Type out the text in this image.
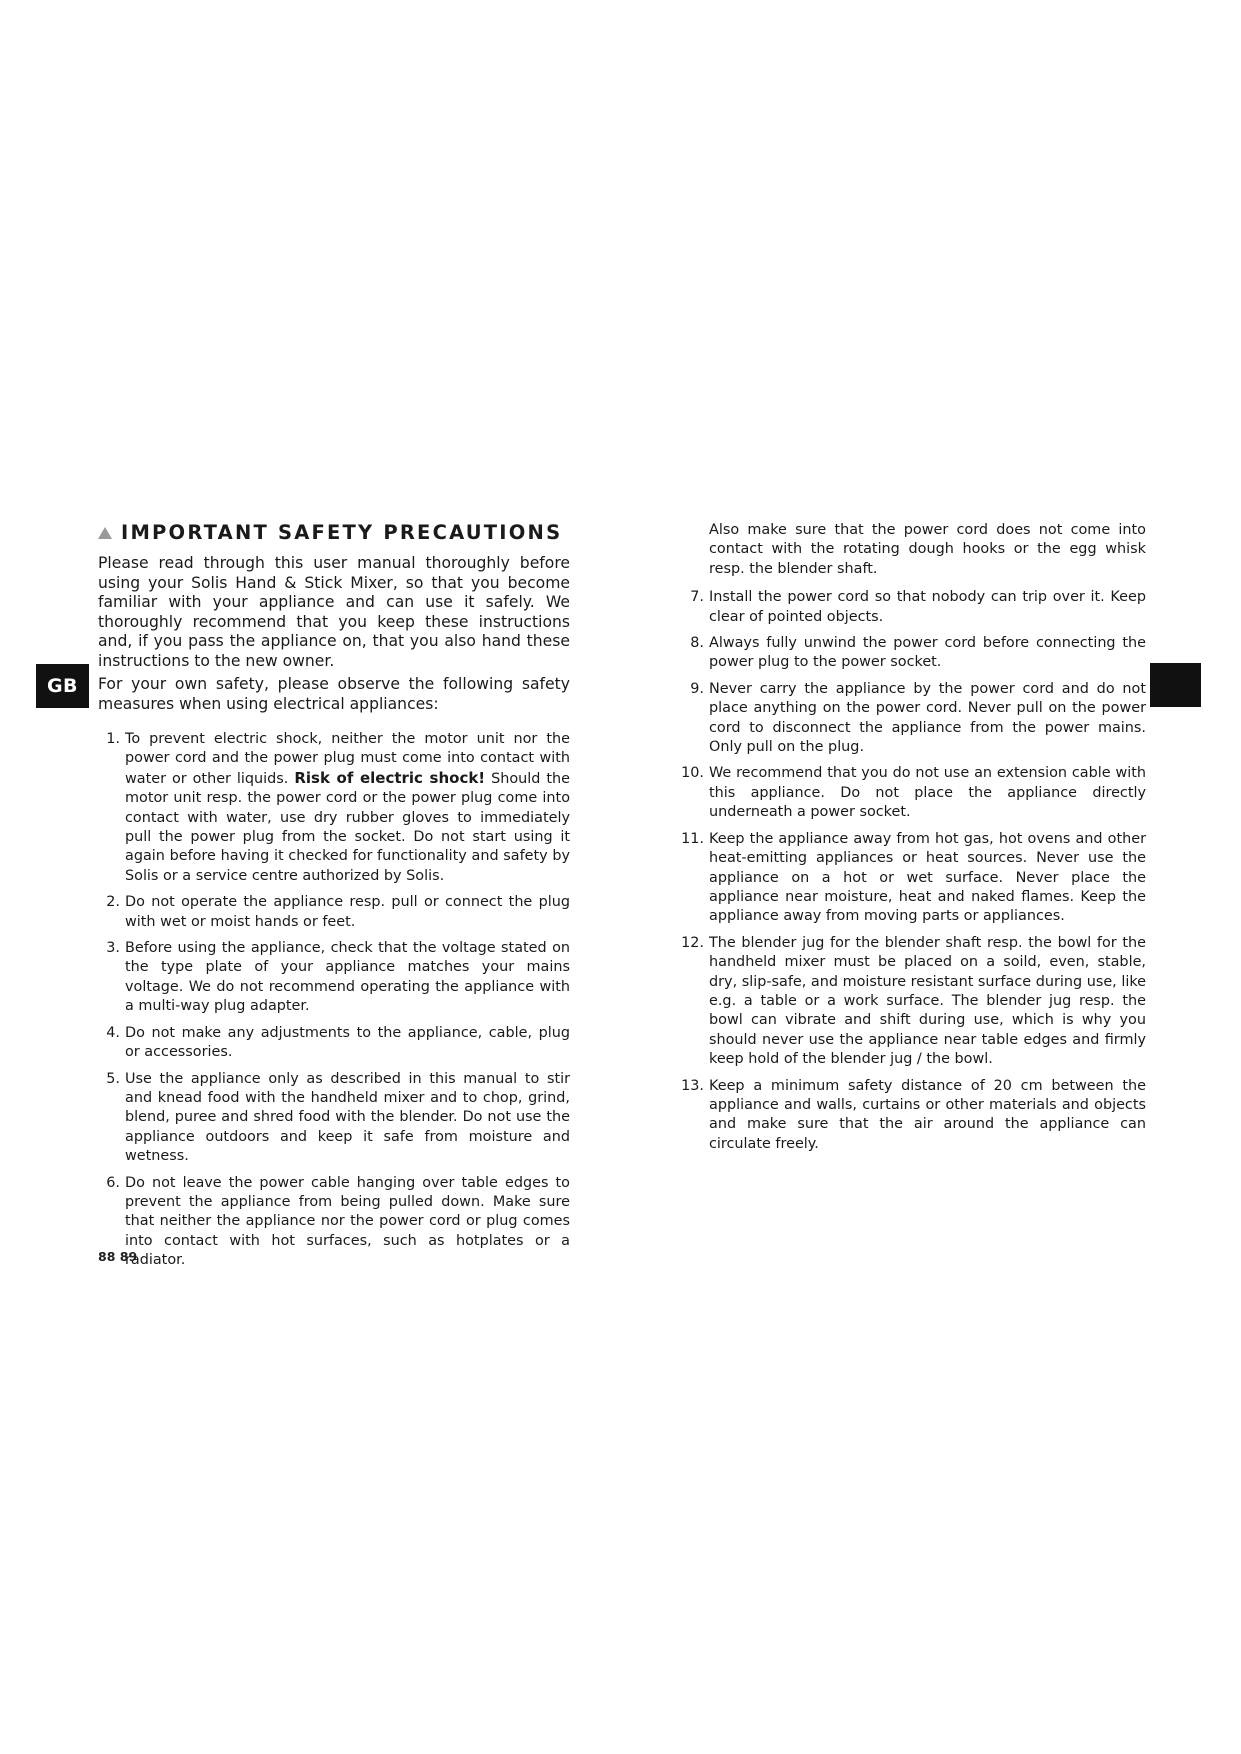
GB
IMPORTANT SAFETY PRECAUTIONS

Please read through this user manual thoroughly before using your Solis Hand & Stick Mixer, so that you become familiar with your appliance and can use it safely. We thoroughly recommend that you keep these instructions and, if you pass the appliance on, that you also hand these instructions to the new owner.

For your own safety, please observe the following safety measures when using electrical appliances:

1. To prevent electric shock, neither the motor unit nor the power cord and the power plug must come into contact with water or other liquids. Risk of electric shock! Should the motor unit resp. the power cord or the power plug come into contact with water, use dry rubber gloves to immediately pull the power plug from the socket. Do not start using it again before having it checked for functionality and safety by Solis or a service centre authorized by Solis.
2. Do not operate the appliance resp. pull or connect the plug with wet or moist hands or feet.
3. Before using the appliance, check that the voltage stated on the type plate of your appliance matches your mains voltage. We do not recommend operating the appliance with a multi-way plug adapter.
4. Do not make any adjustments to the appliance, cable, plug or accessories.
5. Use the appliance only as described in this manual to stir and knead food with the handheld mixer and to chop, grind, blend, puree and shred food with the blender. Do not use the appliance outdoors and keep it safe from moisture and wetness.
6. Do not leave the power cable hanging over table edges to prevent the appliance from being pulled down. Make sure that neither the appliance nor the power cord or plug comes into contact with hot surfaces, such as hotplates or a radiator.
Also make sure that the power cord does not come into contact with the rotating dough hooks or the egg whisk resp. the blender shaft.
7. Install the power cord so that nobody can trip over it. Keep clear of pointed objects.
8. Always fully unwind the power cord before connecting the power plug to the power socket.
9. Never carry the appliance by the power cord and do not place anything on the power cord. Never pull on the power cord to disconnect the appliance from the power mains. Only pull on the plug.
10. We recommend that you do not use an extension cable with this appliance. Do not place the appliance directly underneath a power socket.
11. Keep the appliance away from hot gas, hot ovens and other heat-emitting appliances or heat sources. Never use the appliance on a hot or wet surface. Never place the appliance near moisture, heat and naked flames. Keep the appliance away from moving parts or appliances.
12. The blender jug for the blender shaft resp. the bowl for the handheld mixer must be placed on a soild, even, stable, dry, slip-safe, and moisture resistant surface during use, like e.g. a table or a work surface. The blender jug resp. the bowl can vibrate and shift during use, which is why you should never use the appliance near table edges and firmly keep hold of the blender jug / the bowl.
13. Keep a minimum safety distance of 20 cm between the appliance and walls, curtains or other materials and objects and make sure that the air around the appliance can circulate freely.
88 89
